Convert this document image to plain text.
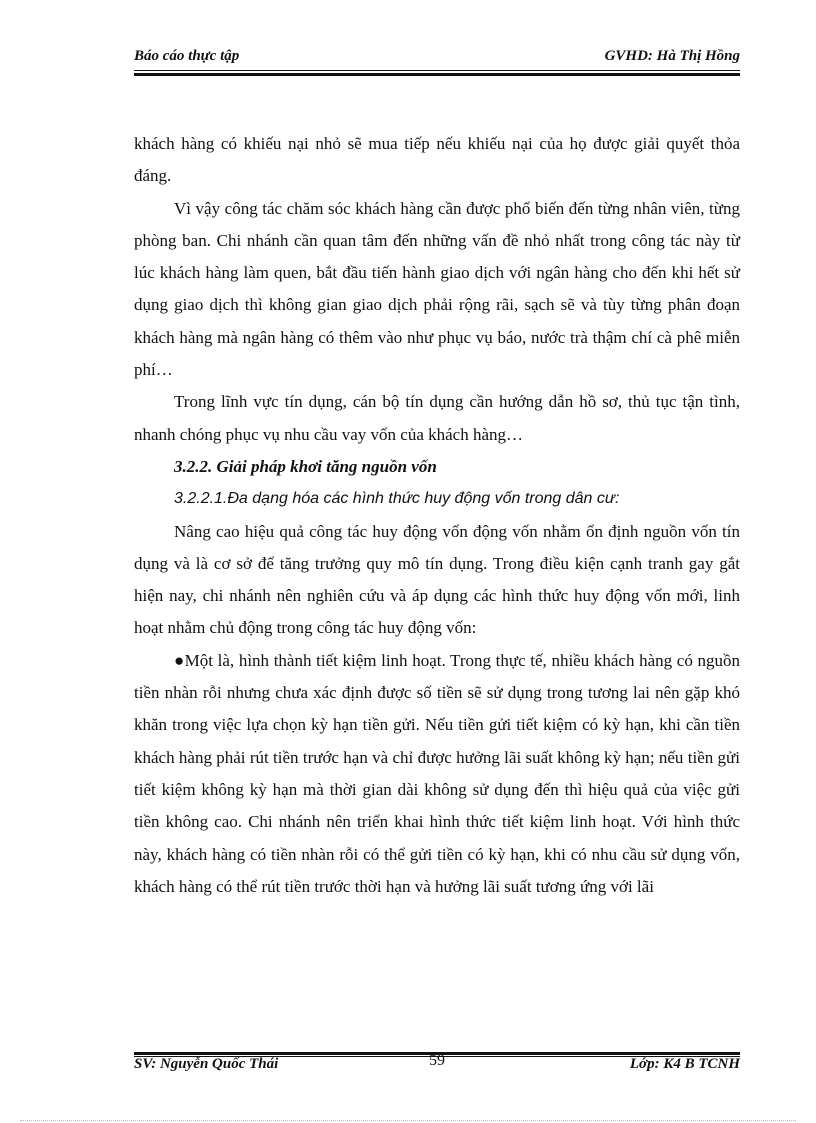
Báo cáo thực tập	GVHD: Hà Thị Hồng

khách hàng có khiếu nại nhỏ sẽ mua tiếp nếu khiếu nại của họ được giải quyết thỏa đáng.

Vì vậy công tác chăm sóc khách hàng cần được phổ biến đến từng nhân viên, từng phòng ban. Chi nhánh cần quan tâm đến những vấn đề nhỏ nhất trong công tác này từ lúc khách hàng làm quen, bắt đầu tiến hành giao dịch với ngân hàng cho đến khi hết sử dụng giao dịch thì không gian giao dịch phải rộng rãi, sạch sẽ và tùy từng phân đoạn khách hàng mà ngân hàng có thêm vào như phục vụ báo, nước trà thậm chí cà phê miễn phí…

Trong lĩnh vực tín dụng, cán bộ tín dụng cần hướng dẫn hồ sơ, thủ tục tận tình, nhanh chóng phục vụ nhu cầu vay vốn của khách hàng…

3.2.2. Giải pháp khơi tăng nguồn vốn

3.2.2.1.Đa dạng hóa các hình thức huy động vốn trong dân cư:

Nâng cao hiệu quả công tác huy động vốn động vốn nhằm ổn định nguồn vốn tín dụng và là cơ sở để tăng trưởng quy mô tín dụng. Trong điều kiện cạnh tranh gay gắt hiện nay, chi nhánh nên nghiên cứu và áp dụng các hình thức huy động vốn mới, linh hoạt nhằm chủ động trong công tác huy động vốn:

●Một là, hình thành tiết kiệm linh hoạt. Trong thực tế, nhiều khách hàng có nguồn tiền nhàn rỗi nhưng chưa xác định được số tiền sẽ sử dụng trong tương lai nên gặp khó khăn trong việc lựa chọn kỳ hạn tiền gửi. Nếu tiền gửi tiết kiệm có kỳ hạn, khi cần tiền khách hàng phải rút tiền trước hạn và chỉ được hưởng lãi suất không kỳ hạn; nếu tiền gửi tiết kiệm không kỳ hạn mà thời gian dài không sử dụng đến thì hiệu quả của việc gửi tiền không cao. Chi nhánh nên triển khai hình thức tiết kiệm linh hoạt. Với hình thức này, khách hàng có tiền nhàn rỗi có thể gửi tiền có kỳ hạn, khi có nhu cầu sử dụng vốn, khách hàng có thể rút tiền trước thời hạn và hưởng lãi suất tương ứng với lãi

SV: Nguyễn Quốc Thái	59	Lớp: K4 B TCNH
